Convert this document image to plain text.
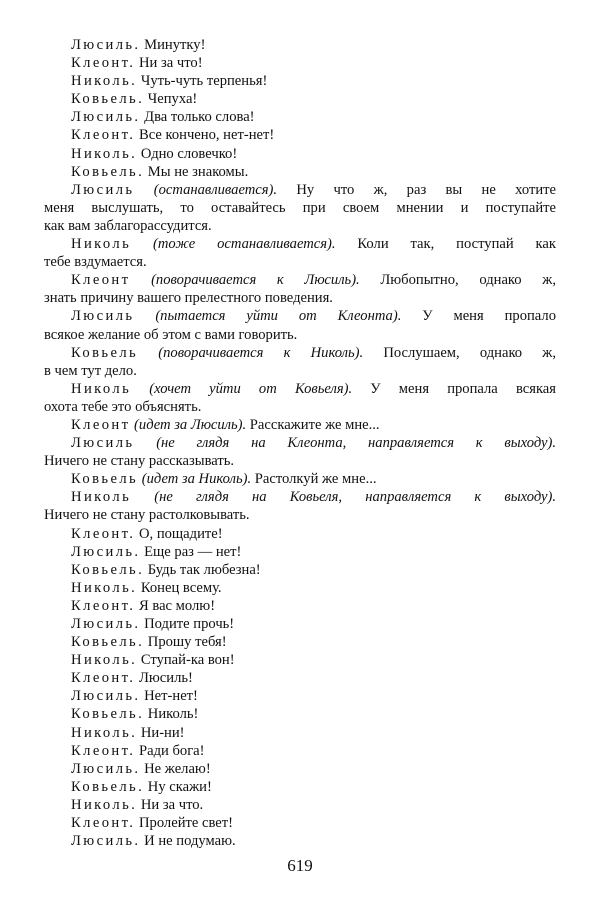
Люсиль. Минутку!
Клеонт. Ни за что!
Николь. Чуть-чуть терпенья!
Ковьель. Чепуха!
Люсиль. Два только слова!
Клеонт. Все кончено, нет-нет!
Николь. Одно словечко!
Ковьель. Мы не знакомы.
Люсиль (останавливается). Ну что ж, раз вы не хотите
меня выслушать, то оставайтесь при своем мнении и поступайте
как вам заблагорассудится.
Николь (тоже останавливается). Коли так, поступай как
тебе вздумается.
Клеонт (поворачивается к Люсиль). Любопытно, однако ж,
знать причину вашего прелестного поведения.
Люсиль (пытается уйти от Клеонта). У меня пропало
всякое желание об этом с вами говорить.
Ковьель (поворачивается к Николь). Послушаем, однако ж,
в чем тут дело.
Николь (хочет уйти от Ковьеля). У меня пропала всякая
охота тебе это объяснять.
Клеонт (идет за Люсиль). Расскажите же мне...
Люсиль (не глядя на Клеонта, направляется к выходу).
Ничего не стану рассказывать.
Ковьель (идет за Николь). Растолкуй же мне...
Николь (не глядя на Ковьеля, направляется к выходу).
Ничего не стану растолковывать.
Клеонт. О, пощадите!
Люсиль. Еще раз — нет!
Ковьель. Будь так любезна!
Николь. Конец всему.
Клеонт. Я вас молю!
Люсиль. Подите прочь!
Ковьель. Прошу тебя!
Николь. Ступай-ка вон!
Клеонт. Люсиль!
Люсиль. Нет-нет!
Ковьель. Николь!
Николь. Ни-ни!
Клеонт. Ради бога!
Люсиль. Не желаю!
Ковьель. Ну скажи!
Николь. Ни за что.
Клеонт. Пролейте свет!
Люсиль. И не подумаю.
619
